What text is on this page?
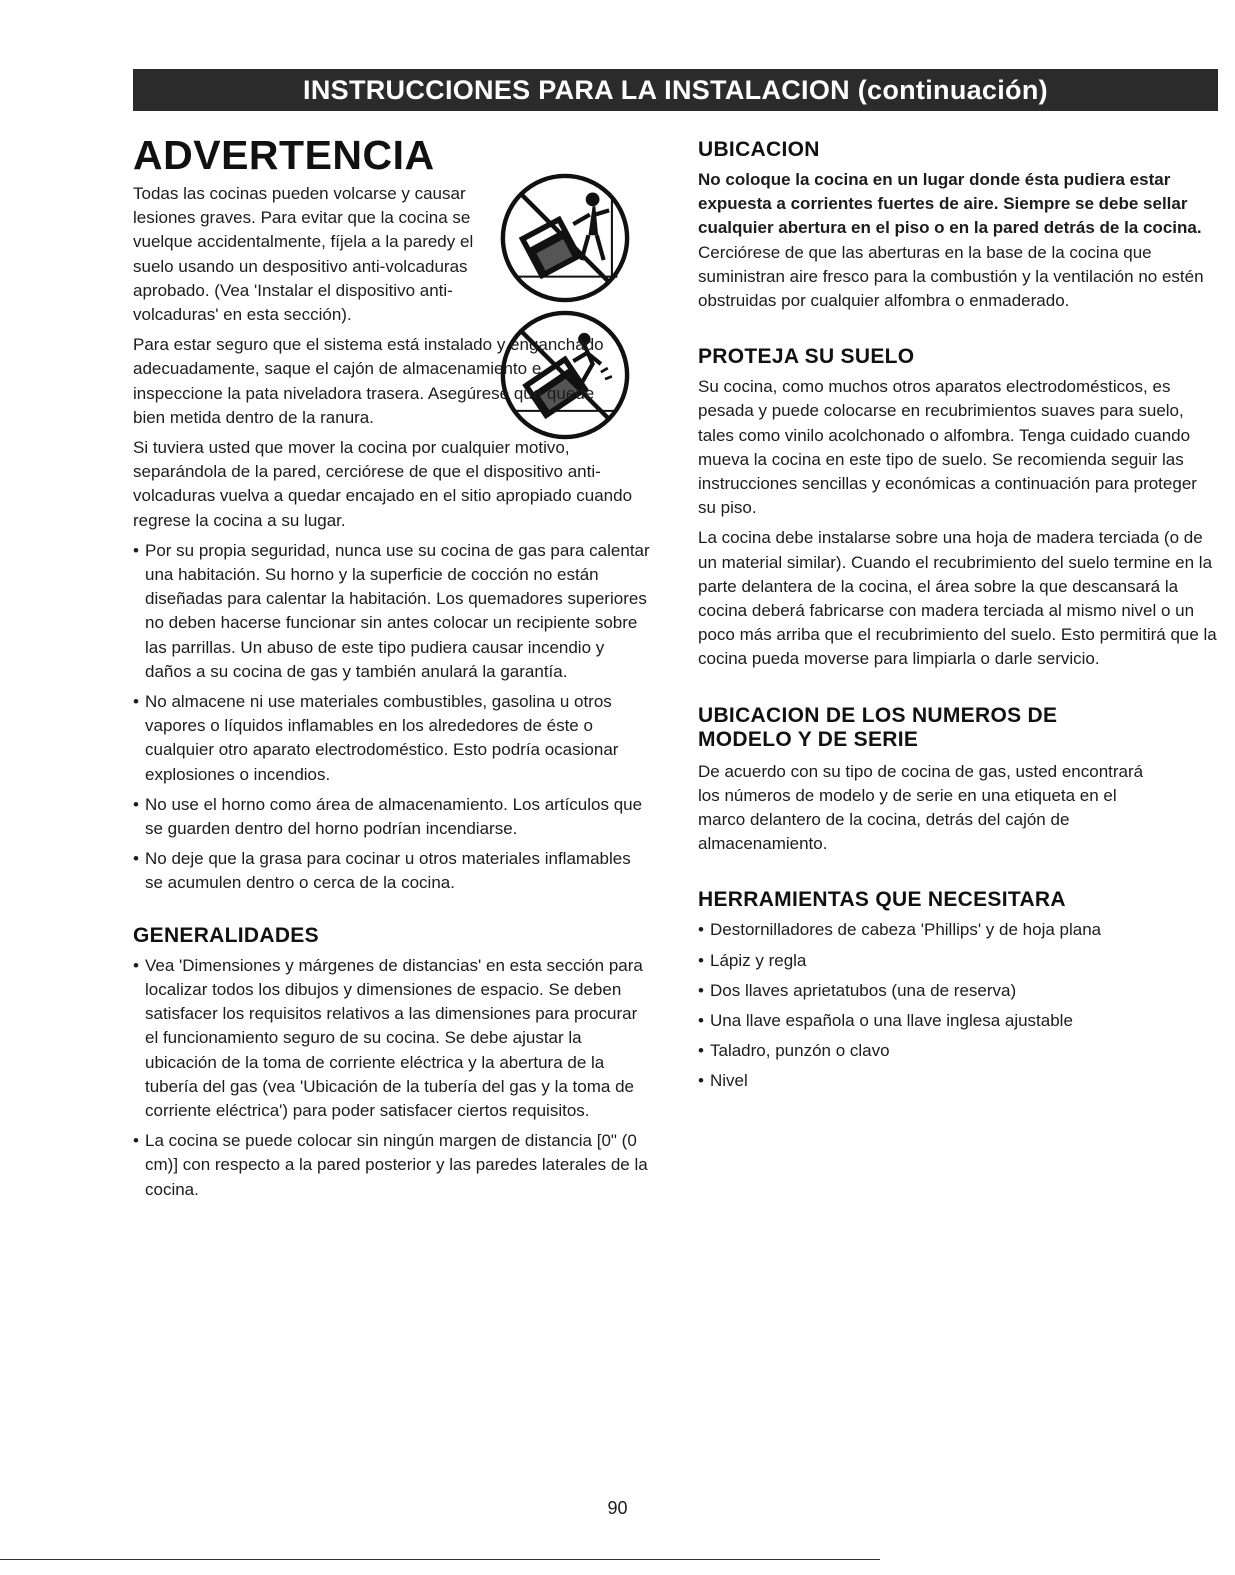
INSTRUCCIONES PARA LA INSTALACION (continuación)
ADVERTENCIA

Todas las cocinas pueden volcarse y causar lesiones graves. Para evitar que la cocina se vuelque accidentalmente, fíjela a la paredy el suelo usando un despositivo anti-volcaduras aprobado. (Vea 'Instalar el dispositivo anti-volcaduras' en esta sección).

Para estar seguro que el sistema está instalado y enganchado adecuadamente, saque el cajón de almacenamiento e inspeccione la pata niveladora trasera. Asegúrese que quede bien metida dentro de la ranura.

Si tuviera usted que mover la cocina por cualquier motivo, separándola de la pared, cerciórese de que el dispositivo anti-volcaduras vuelva a quedar encajado en el sitio apropiado cuando regrese la cocina a su lugar.

• Por su propia seguridad, nunca use su cocina de gas para calentar una habitación. Su horno y la superficie de cocción no están diseñadas para calentar la habitación. Los quemadores superiores no deben hacerse funcionar sin antes colocar un recipiente sobre las parrillas. Un abuso de este tipo pudiera causar incendio y daños a su cocina de gas y también anulará la garantía.
• No almacene ni use materiales combustibles, gasolina u otros vapores o líquidos inflamables en los alrededores de éste o cualquier otro aparato electrodoméstico. Esto podría ocasionar explosiones o incendios.
• No use el horno como área de almacenamiento. Los artículos que se guarden dentro del horno podrían incendiarse.
• No deje que la grasa para cocinar u otros materiales inflamables se acumulen dentro o cerca de la cocina.
GENERALIDADES
• Vea 'Dimensiones y márgenes de distancias' en esta sección para localizar todos los dibujos y dimensiones de espacio. Se deben satisfacer los requisitos relativos a las dimensiones para procurar el funcionamiento seguro de su cocina. Se debe ajustar la ubicación de la toma de corriente eléctrica y la abertura de la tubería del gas (vea 'Ubicación de la tubería del gas y la toma de corriente eléctrica') para poder satisfacer ciertos requisitos.
• La cocina se puede colocar sin ningún margen de distancia [0" (0 cm)] con respecto a la pared posterior y las paredes laterales de la cocina.
UBICACION

No coloque la cocina en un lugar donde ésta pudiera estar expuesta a corrientes fuertes de aire. Siempre se debe sellar cualquier abertura en el piso o en la pared detrás de la cocina. Cerciórese de que las aberturas en la base de la cocina que suministran aire fresco para la combustión y la ventilación no estén obstruidas por cualquier alfombra o enmaderado.

PROTEJA SU SUELO

Su cocina, como muchos otros aparatos electrodomésticos, es pesada y puede colocarse en recubrimientos suaves para suelo, tales como vinilo acolchonado o alfombra. Tenga cuidado cuando mueva la cocina en este tipo de suelo. Se recomienda seguir las instrucciones sencillas y económicas a continuación para proteger su piso.

La cocina debe instalarse sobre una hoja de madera terciada (o de un material similar). Cuando el recubrimiento del suelo termine en la parte delantera de la cocina, el área sobre la que descansará la cocina deberá fabricarse con madera terciada al mismo nivel o un poco más arriba que el recubrimiento del suelo. Esto permitirá que la cocina pueda moverse para limpiarla o darle servicio.

UBICACION DE LOS NUMEROS DE
MODELO Y DE SERIE

De acuerdo con su tipo de cocina de gas, usted encontrará los números de modelo y de serie en una etiqueta en el marco delantero de la cocina, detrás del cajón de almacenamiento.

HERRAMIENTAS QUE NECESITARA
• Destornilladores de cabeza 'Phillips' y de hoja plana
• Lápiz y regla
• Dos llaves aprietatubos (una de reserva)
• Una llave española o una llave inglesa ajustable
• Taladro, punzón o clavo
• Nivel
90
